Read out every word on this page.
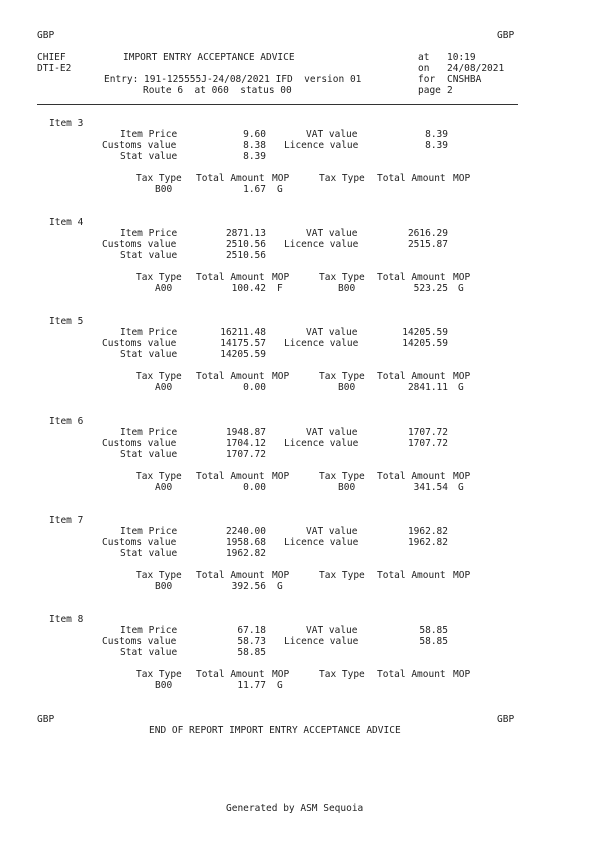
GBP	GBP
CHIEF	IMPORT ENTRY ACCEPTANCE ADVICE	at 10:19
DTI-E2	on 24/08/2021
Entry: 191-125555J-24/08/2021 IFD  version 01	for CNSHBA
Route 6  at 060  status 00	page 2
Item 3
Item Price	9.60	VAT value	8.39
Customs value	8.38 Licence value	8.39
Stat value	8.39
Tax Type Total Amount MOP	Tax Type Total Amount MOP
B00	1.67 G
Item 4
Item Price	2871.13	VAT value	2616.29
Customs value	2510.56 Licence value	2515.87
Stat value	2510.56
Tax Type Total Amount MOP	Tax Type Total Amount MOP
A00	100.42 F	B00	523.25 G
Item 5
Item Price	16211.48	VAT value	14205.59
Customs value	14175.57 Licence value	14205.59
Stat value	14205.59
Tax Type Total Amount MOP	Tax Type Total Amount MOP
A00	0.00	B00	2841.11 G
Item 6
Item Price	1948.87	VAT value	1707.72
Customs value	1704.12 Licence value	1707.72
Stat value	1707.72
Tax Type Total Amount MOP	Tax Type Total Amount MOP
A00	0.00	B00	341.54 G
Item 7
Item Price	2240.00	VAT value	1962.82
Customs value	1958.68 Licence value	1962.82
Stat value	1962.82
Tax Type Total Amount MOP	Tax Type Total Amount MOP
B00	392.56 G
Item 8
Item Price	67.18	VAT value	58.85
Customs value	58.73 Licence value	58.85
Stat value	58.85
Tax Type Total Amount MOP	Tax Type Total Amount MOP
B00	11.77 G
GBP	GBP
END OF REPORT IMPORT ENTRY ACCEPTANCE ADVICE
Generated by ASM Sequoia
